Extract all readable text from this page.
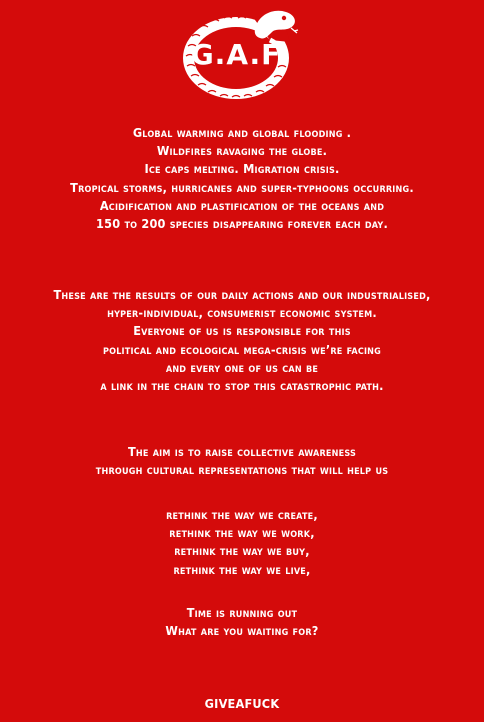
G.A.F
Global warming and global flooding .
Wildfires ravaging the globe.
Ice caps melting. Migration crisis.
Tropical storms, hurricanes and super-typhoons occurring.
Acidification and plastification of the oceans and
150 to 200 species disappearing forever each day.
These are the results of our daily actions and our industrialised,
hyper-individual, consumerist economic system.
Everyone of us is responsible for this
political and ecological mega-crisis we’re facing
and every one of us can be
a link in the chain to stop this catastrophic path.
The aim is to raise collective awareness
through cultural representations that will help us
rethink the way we create,
rethink the way we work,
rethink the way we buy,
rethink the way we live,
Time is running out
What are you waiting for?
GIVEAFUCK
